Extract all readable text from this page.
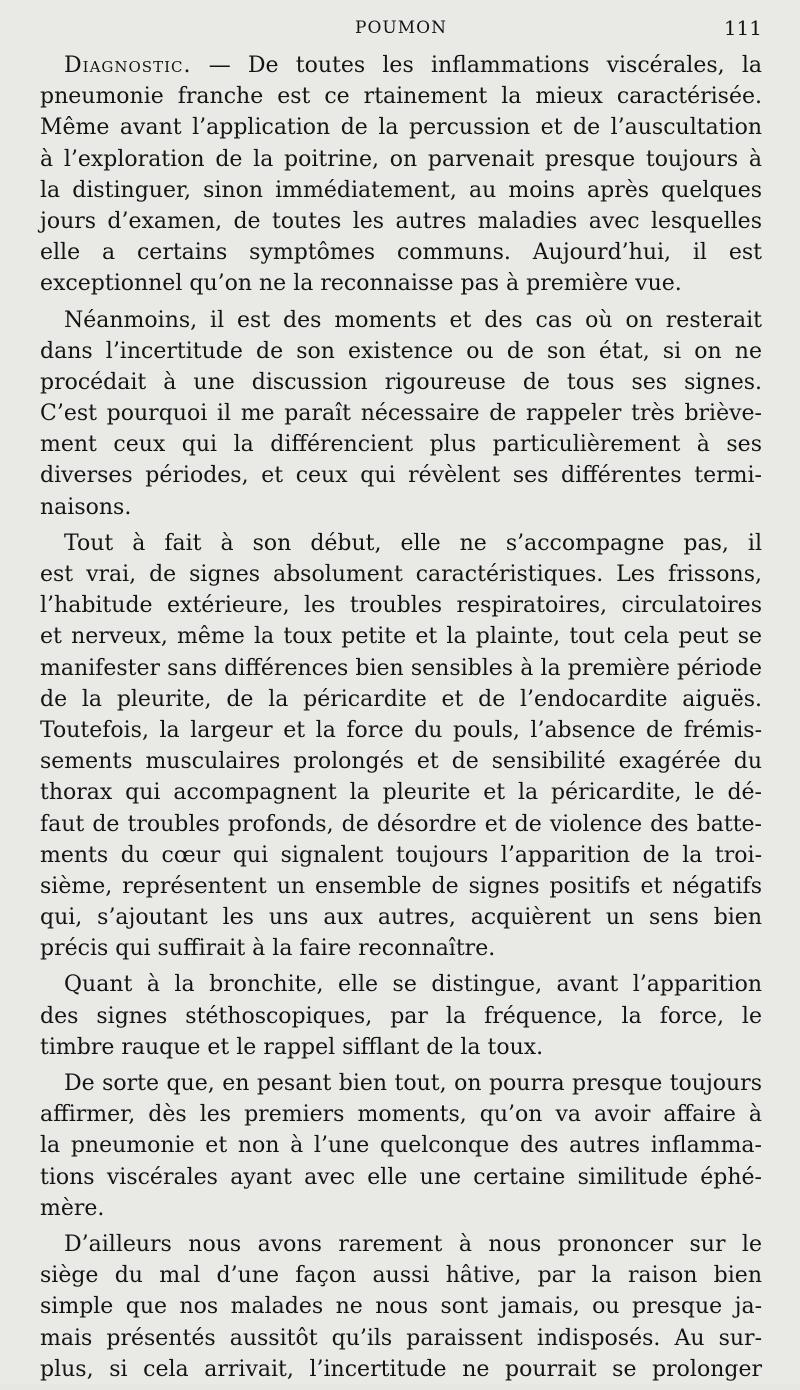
POUMON	111
Diagnostic. — De toutes les inflammations viscérales, la
pneumonie franche est ce rtainement la mieux caractérisée.
Même avant l’application de la percussion et de l’auscultation
à l’exploration de la poitrine, on parvenait presque toujours à
la distinguer, sinon immédiatement, au moins après quelques
jours d’examen, de toutes les autres maladies avec lesquelles
elle a certains symptômes communs. Aujourd’hui, il est
exceptionnel qu’on ne la reconnaisse pas à première vue.
Néanmoins, il est des moments et des cas où on resterait
dans l’incertitude de son existence ou de son état, si on ne
procédait à une discussion rigoureuse de tous ses signes.
C’est pourquoi il me paraît nécessaire de rappeler très briève-
ment ceux qui la différencient plus particulièrement à ses
diverses périodes, et ceux qui révèlent ses différentes termi-
naisons.
Tout à fait à son début, elle ne s’accompagne pas, il
est vrai, de signes absolument caractéristiques. Les frissons,
l’habitude extérieure, les troubles respiratoires, circulatoires
et nerveux, même la toux petite et la plainte, tout cela peut se
manifester sans différences bien sensibles à la première période
de la pleurite, de la péricardite et de l’endocardite aiguës.
Toutefois, la largeur et la force du pouls, l’absence de frémis-
sements musculaires prolongés et de sensibilité exagérée du
thorax qui accompagnent la pleurite et la péricardite, le dé-
faut de troubles profonds, de désordre et de violence des batte-
ments du cœur qui signalent toujours l’apparition de la troi-
sième, représentent un ensemble de signes positifs et négatifs
qui, s’ajoutant les uns aux autres, acquièrent un sens bien
précis qui suffirait à la faire reconnaître.
Quant à la bronchite, elle se distingue, avant l’apparition
des signes stéthoscopiques, par la fréquence, la force, le
timbre rauque et le rappel sifflant de la toux.
De sorte que, en pesant bien tout, on pourra presque toujours
affirmer, dès les premiers moments, qu’on va avoir affaire à
la pneumonie et non à l’une quelconque des autres inflamma-
tions viscérales ayant avec elle une certaine similitude éphé-
mère.
D’ailleurs nous avons rarement à nous prononcer sur le
siège du mal d’une façon aussi hâtive, par la raison bien
simple que nos malades ne nous sont jamais, ou presque ja-
mais présentés aussitôt qu’ils paraissent indisposés. Au sur-
plus, si cela arrivait, l’incertitude ne pourrait se prolonger
